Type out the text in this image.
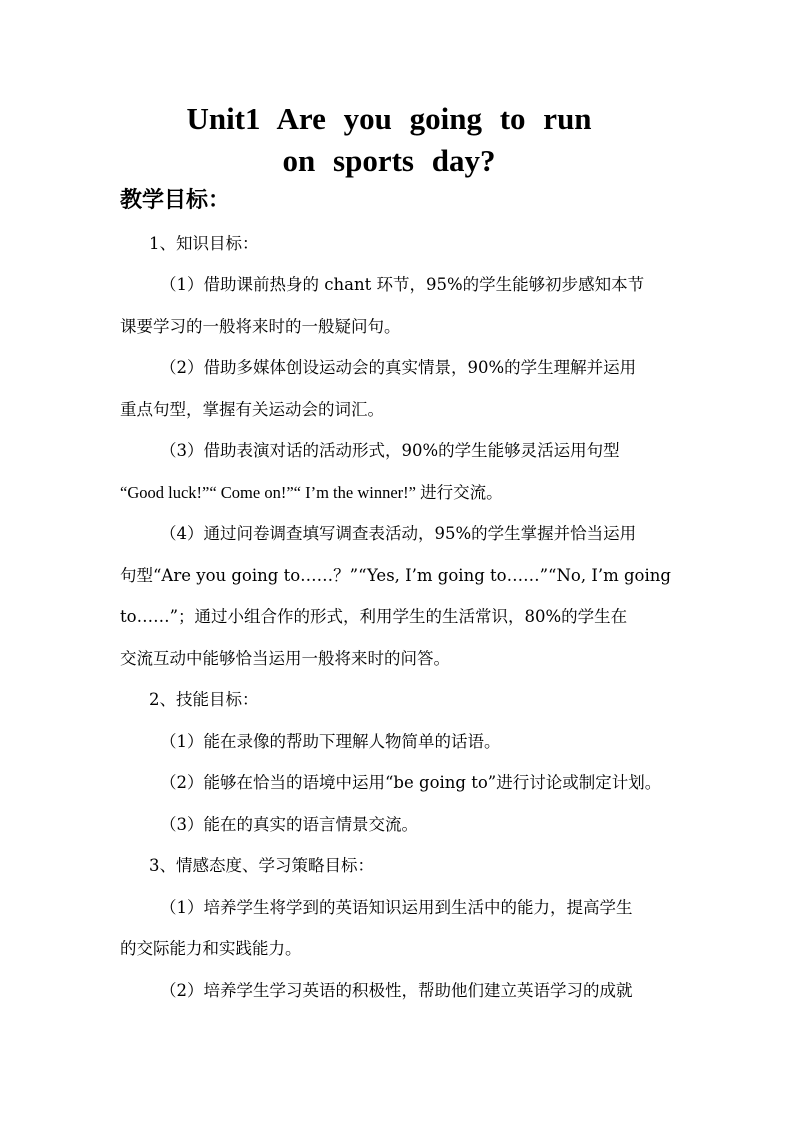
Unit1 Are you going to run
on sports day?
教学目标：
1、知识目标：
（1）借助课前热身的 chant 环节，95%的学生能够初步感知本节
课要学习的一般将来时的一般疑问句。
（2）借助多媒体创设运动会的真实情景，90%的学生理解并运用
重点句型，掌握有关运动会的词汇。
（3）借助表演对话的活动形式，90%的学生能够灵活运用句型
“Good luck!”“ Come on!”“ I’m the winner!” 进行交流。
（4）通过问卷调查填写调查表活动，95%的学生掌握并恰当运用
句型“Are you going to……？”“Yes, I’m going to……”“No, I’m going
to……”；通过小组合作的形式，利用学生的生活常识，80%的学生在
交流互动中能够恰当运用一般将来时的问答。
2、技能目标：
（1）能在录像的帮助下理解人物简单的话语。
（2）能够在恰当的语境中运用“be going to”进行讨论或制定计划。
（3）能在的真实的语言情景交流。
3、情感态度、学习策略目标：
（1）培养学生将学到的英语知识运用到生活中的能力，提高学生
的交际能力和实践能力。
（2）培养学生学习英语的积极性，帮助他们建立英语学习的成就
